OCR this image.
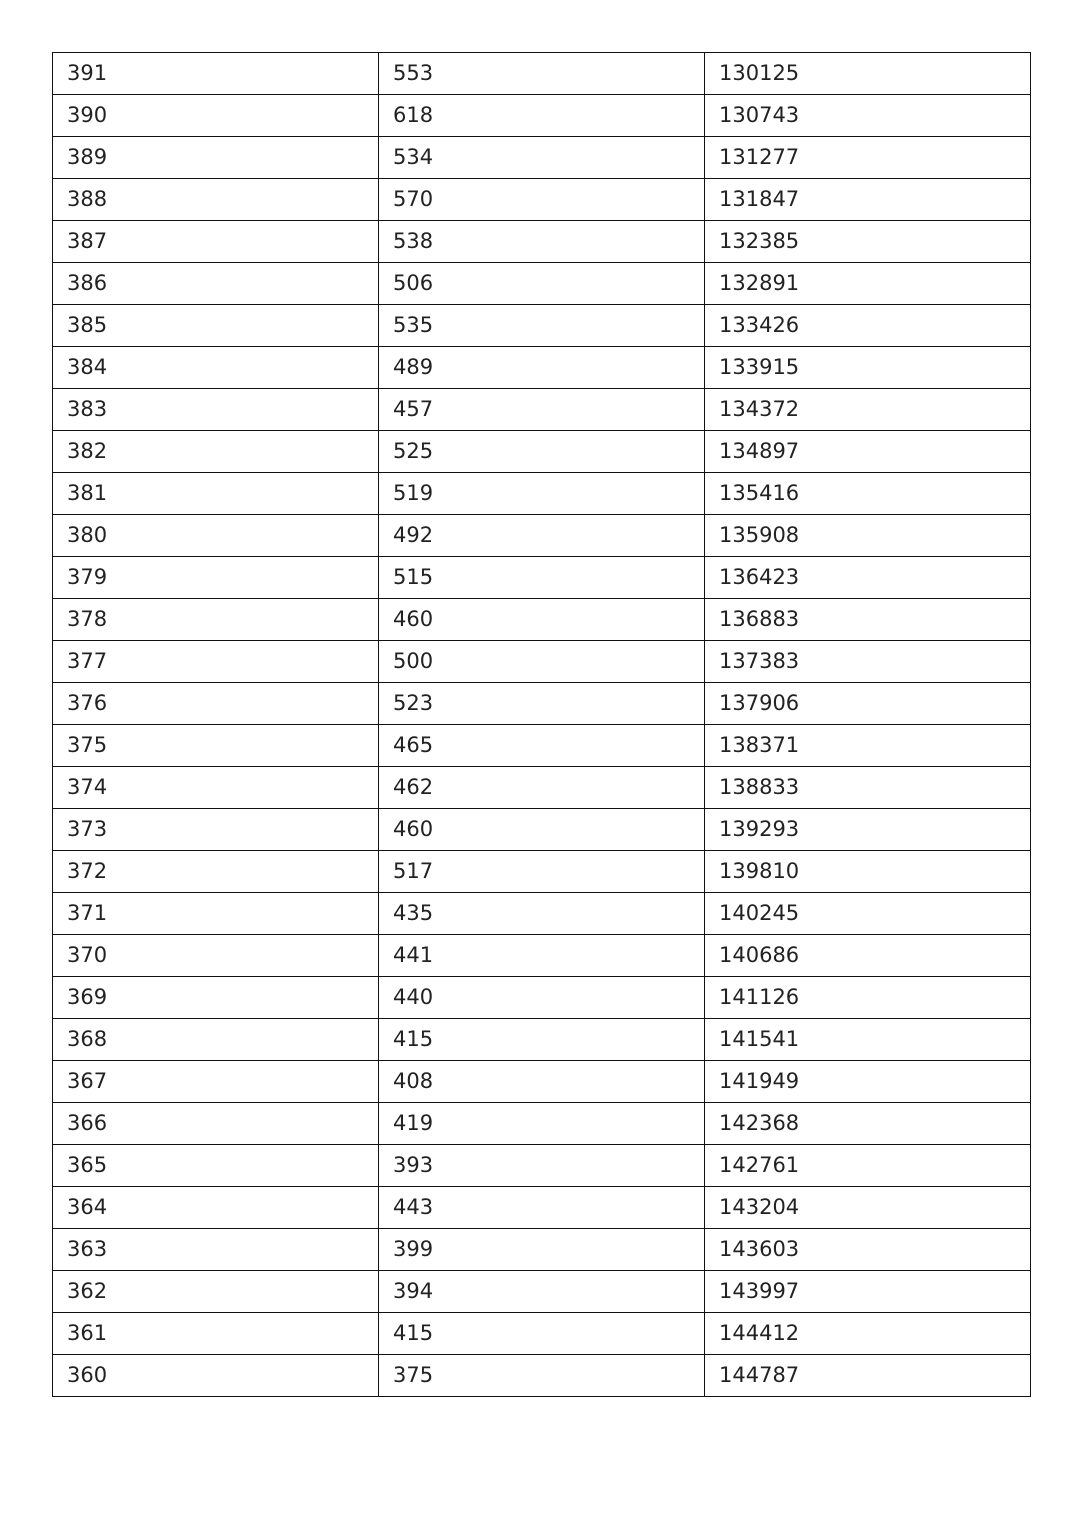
391	553	130125
390	618	130743
389	534	131277
388	570	131847
387	538	132385
386	506	132891
385	535	133426
384	489	133915
383	457	134372
382	525	134897
381	519	135416
380	492	135908
379	515	136423
378	460	136883
377	500	137383
376	523	137906
375	465	138371
374	462	138833
373	460	139293
372	517	139810
371	435	140245
370	441	140686
369	440	141126
368	415	141541
367	408	141949
366	419	142368
365	393	142761
364	443	143204
363	399	143603
362	394	143997
361	415	144412
360	375	144787
